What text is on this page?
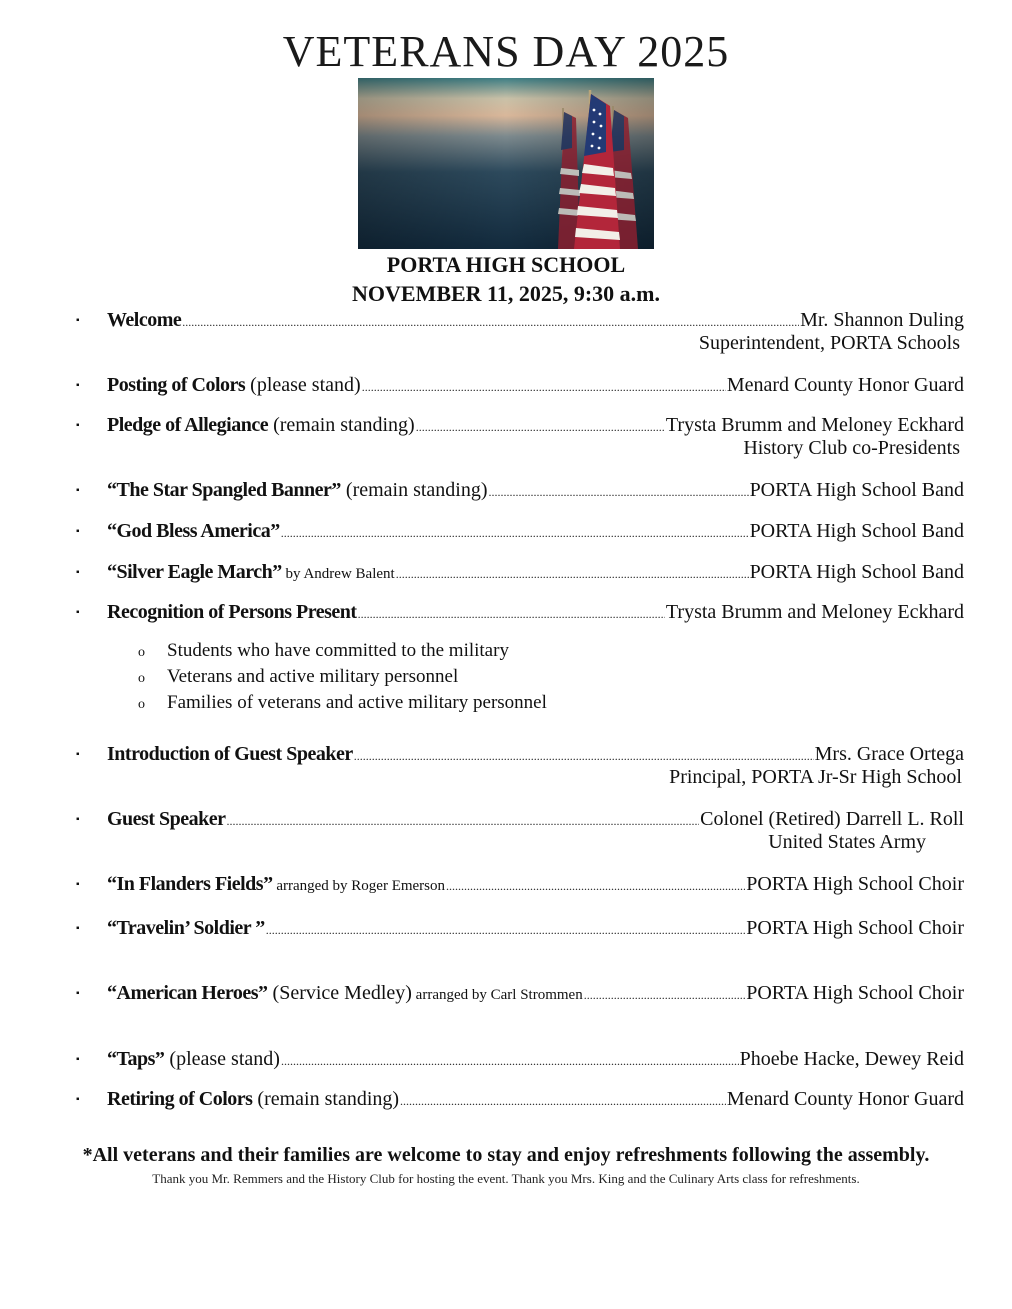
VETERANS DAY 2025
PORTA HIGH SCHOOL
NOVEMBER 11, 2025, 9:30 a.m.
▪	Welcome .....	Mr. Shannon Duling
Superintendent, PORTA Schools
▪	Posting of Colors (please stand) .....	Menard County Honor Guard
▪	Pledge of Allegiance (remain standing) .....	Trysta Brumm and Meloney Eckhard
History Club co-Presidents
▪	“The Star Spangled Banner” (remain standing) .....	PORTA High School Band
▪	“God Bless America” .....	PORTA High School Band
▪	“Silver Eagle March” by Andrew Balent .....	PORTA High School Band
▪	Recognition of Persons Present .....	Trysta Brumm and Meloney Eckhard
o Students who have committed to the military
o Veterans and active military personnel
o Families of veterans and active military personnel
▪	Introduction of Guest Speaker .....	Mrs. Grace Ortega
Principal, PORTA Jr-Sr High School
▪	Guest Speaker .....	Colonel (Retired) Darrell L. Roll
United States Army
▪	“In Flanders Fields” arranged by Roger Emerson .....	PORTA High School Choir
▪	“Travelin’ Soldier ” .....	PORTA High School Choir
▪	“American Heroes” (Service Medley) arranged by Carl Strommen .....	PORTA High School Choir
▪	“Taps” (please stand) .....	Phoebe Hacke, Dewey Reid
▪	Retiring of Colors (remain standing) .....	Menard County Honor Guard
*All veterans and their families are welcome to stay and enjoy refreshments following the assembly.
Thank you Mr. Remmers and the History Club for hosting the event. Thank you Mrs. King and the Culinary Arts class for refreshments.
